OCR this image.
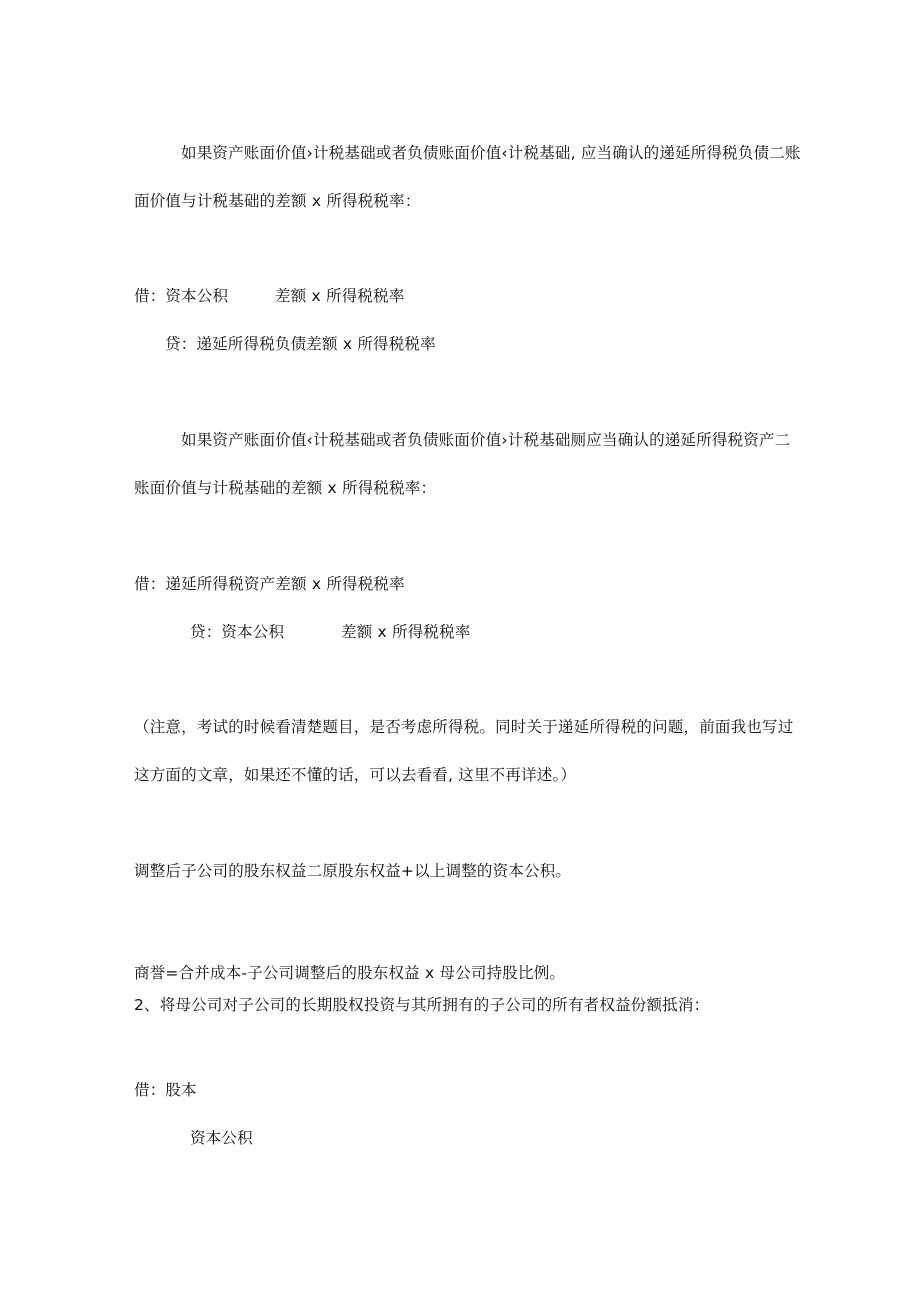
如果资产账面价值›计税基础或者负债账面价值‹计税基础, 应当确认的递延所得税负债二账
面价值与计税基础的差额 x 所得税税率：
借：资本公积	差额 x 所得税税率
贷：递延所得税负债差额 x 所得税税率
如果资产账面价值‹计税基础或者负债账面价值›计税基础厕应当确认的递延所得税资产二
账面价值与计税基础的差额 x 所得税税率：
借：递延所得税资产差额 x 所得税税率
贷：资本公积	差额 x 所得税税率
（注意，考试的时候看清楚题目，是否考虑所得税。同时关于递延所得税的问题，前面我也写过
这方面的文章，如果还不懂的话，可以去看看, 这里不再详述。）
调整后子公司的股东权益二原股东权益+以上调整的资本公积。
商誉=合并成本-子公司调整后的股东权益 x 母公司持股比例。
2、将母公司对子公司的长期股权投资与其所拥有的子公司的所有者权益份额抵消：
借：股本
资本公积
